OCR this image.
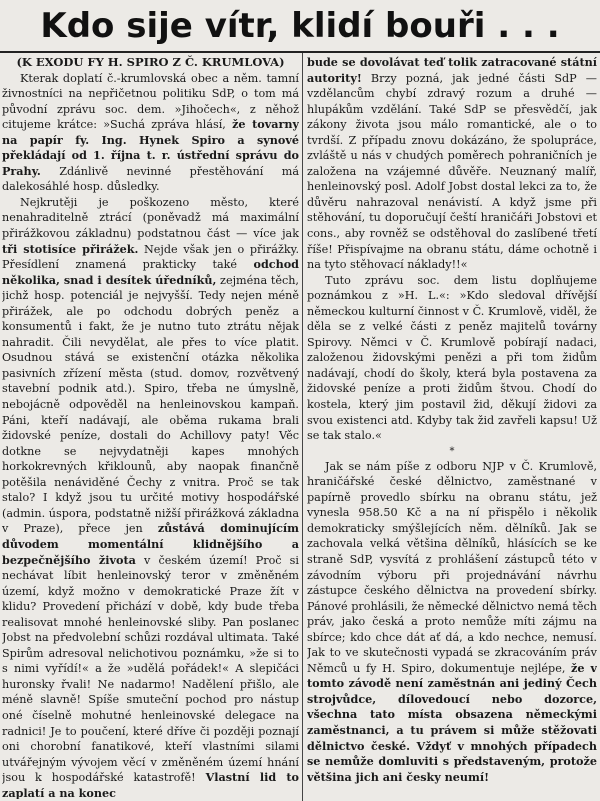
Kdo sije vítr, klidí bouři . . .
(K EXODU FY H. SPIRO Z Č. KRUMLOVA)

Kterak doplatí č.-krumlovská obec a něm. tamní živnostníci na nepřičetnou politiku SdP, o tom má původní zprávu soc. dem. »Jihočech«, z něhož citujeme krátce: »Suchá zpráva hlásí, že tovarny na papír fy. Ing. Hynek Spiro a synové překládají od 1. října t. r. ústřední správu do Prahy. Zdánlivě nevinné přestěhování má dalekosáhlé hosp. důsledky.

Nejkrutěji je poškozeno město, které nenahraditelně ztrácí (poněvadž má maximální přirážkovou základnu) podstatnou část — více jak tři stotisíce přirážek. Nejde však jen o přirážky. Přesídlení znamená prakticky také odchod několika, snad i desítek úředníků, zejména těch, jichž hosp. potenciál je nejvyšší. Tedy nejen méně přirážek, ale po odchodu dobrých peněz a konsumentů i fakt, že je nutno tuto ztrátu nějak nahradit. Čili nevydělat, ale přes to více platit. Osudnou stává se existenční otázka několika pasivních zřízení města (stud. domov, rozvětvený stavební podnik atd.). Spiro, třeba ne úmyslně, nebojácně odpověděl na henleinovskou kampaň. Páni, kteří nadávají, ale oběma rukama brali židovské peníze, dostali do Achillovy paty! Věc dotkne se nejvydatněji kapes mnohých horkokrevných křiklounů, aby naopak finančně potěšila nenáviděné Čechy z vnitra. Proč se tak stalo? I když jsou tu určité motivy hospodářské (admin. úspora, podstatně nižší přirážková základna v Praze), přece jen zůstává dominujícím důvodem momentální klidnějšího a bezpečnějšího života v českém území! Proč si nechávat líbit henleinovský teror v změněném území, když možno v demokratické Praze žít v klidu? Provedení přichází v době, kdy bude třeba realisovat mnohé henleinovské sliby. Pan poslanec Jobst na předvolební schůzi rozdával ultimata. Také Spirům adresoval nelichotivou poznámku, »že si to s nimi vyřídí!« a že »udělá pořádek!« A slepičáci huronsky řvali! Ne nadarmo! Nadělení přišlo, ale méně slavně! Spíše smuteční pochod pro nástup oné číselně mohutné henleinovské delegace na radnici! Je to poučení, které dříve či později poznají oni chorobní fanatikové, kteří vlastními silami utvářejným vývojem věcí v změněném území hnání jsou k hospodářské katastrofě! Vlastní lid to zaplatí a na konec

bude se dovolávat teď tolik zatracované státní autority! Brzy pozná, jak jedné části SdP — vzdělancům chybí zdravý rozum a druhé — hlupákům vzdělání. Také SdP se přesvědčí, jak zákony života jsou málo romantické, ale o to tvrdší. Z případu znovu dokázáno, že spolupráce, zvláště u nás v chudých poměrech pohraničních je založena na vzájemné důvěře. Neuznaný malíř, henleinovský posl. Adolf Jobst dostal lekci za to, že důvěru nahrazoval nenávistí. A když jsme při stěhování, tu doporučují čeští hraničáři Jobstovi et cons., aby rovněž se odstěhoval do zaslíbené třetí říše! Přispívajme na obranu státu, dáme ochotně i na tyto stěhovací náklady!!«

Tuto zprávu soc. dem listu doplňujeme poznámkou z »H. L.«: »Kdo sledoval dřívější německou kulturní činnost v Č. Krumlově, viděl, že děla se z velké části z peněz majitelů továrny Spirovy. Němci v Č. Krumlově pobírají nadaci, založenou židovskými penězi a při tom židům nadávají, chodí do školy, která byla postavena za židovské peníze a proti židům štvou. Chodí do kostela, který jim postavil žid, děkují židovi za svou existenci atd. Kdyby tak žid zavřeli kapsu! Už se tak stalo.«

*

Jak se nám píše z odboru NJP v Č. Krumlově, hraničářské české dělnictvo, zaměstnané v papírně provedlo sbírku na obranu státu, jež vynesla 958.50 Kč a na ní přispělo i několik demokraticky smýšlejících něm. dělníků. Jak se zachovala velká většina dělníků, hlásících se ke straně SdP, vysvítá z prohlášení zástupců této v závodním výboru při projednávání návrhu zástupce českého dělnictva na provedení sbírky. Pánové prohlásili, že německé dělnictvo nemá těch práv, jako česká a proto nemůže míti zájmu na sbírce; kdo chce dát ať dá, a kdo nechce, nemusí. Jak to ve skutečnosti vypadá se zkracováním práv Němců u fy H. Spiro, dokumentuje nejlépe, že v tomto závodě není zaměstnán ani jediný Čech strojvůdce, dílovedoucí nebo dozorce, všechna tato místa obsazena německými zaměstnanci, a tu právem si může stěžovati dělnictvo české. Vždyť v mnohých případech se nemůže domluviti s představeným, protože většina jich ani česky neumí!
